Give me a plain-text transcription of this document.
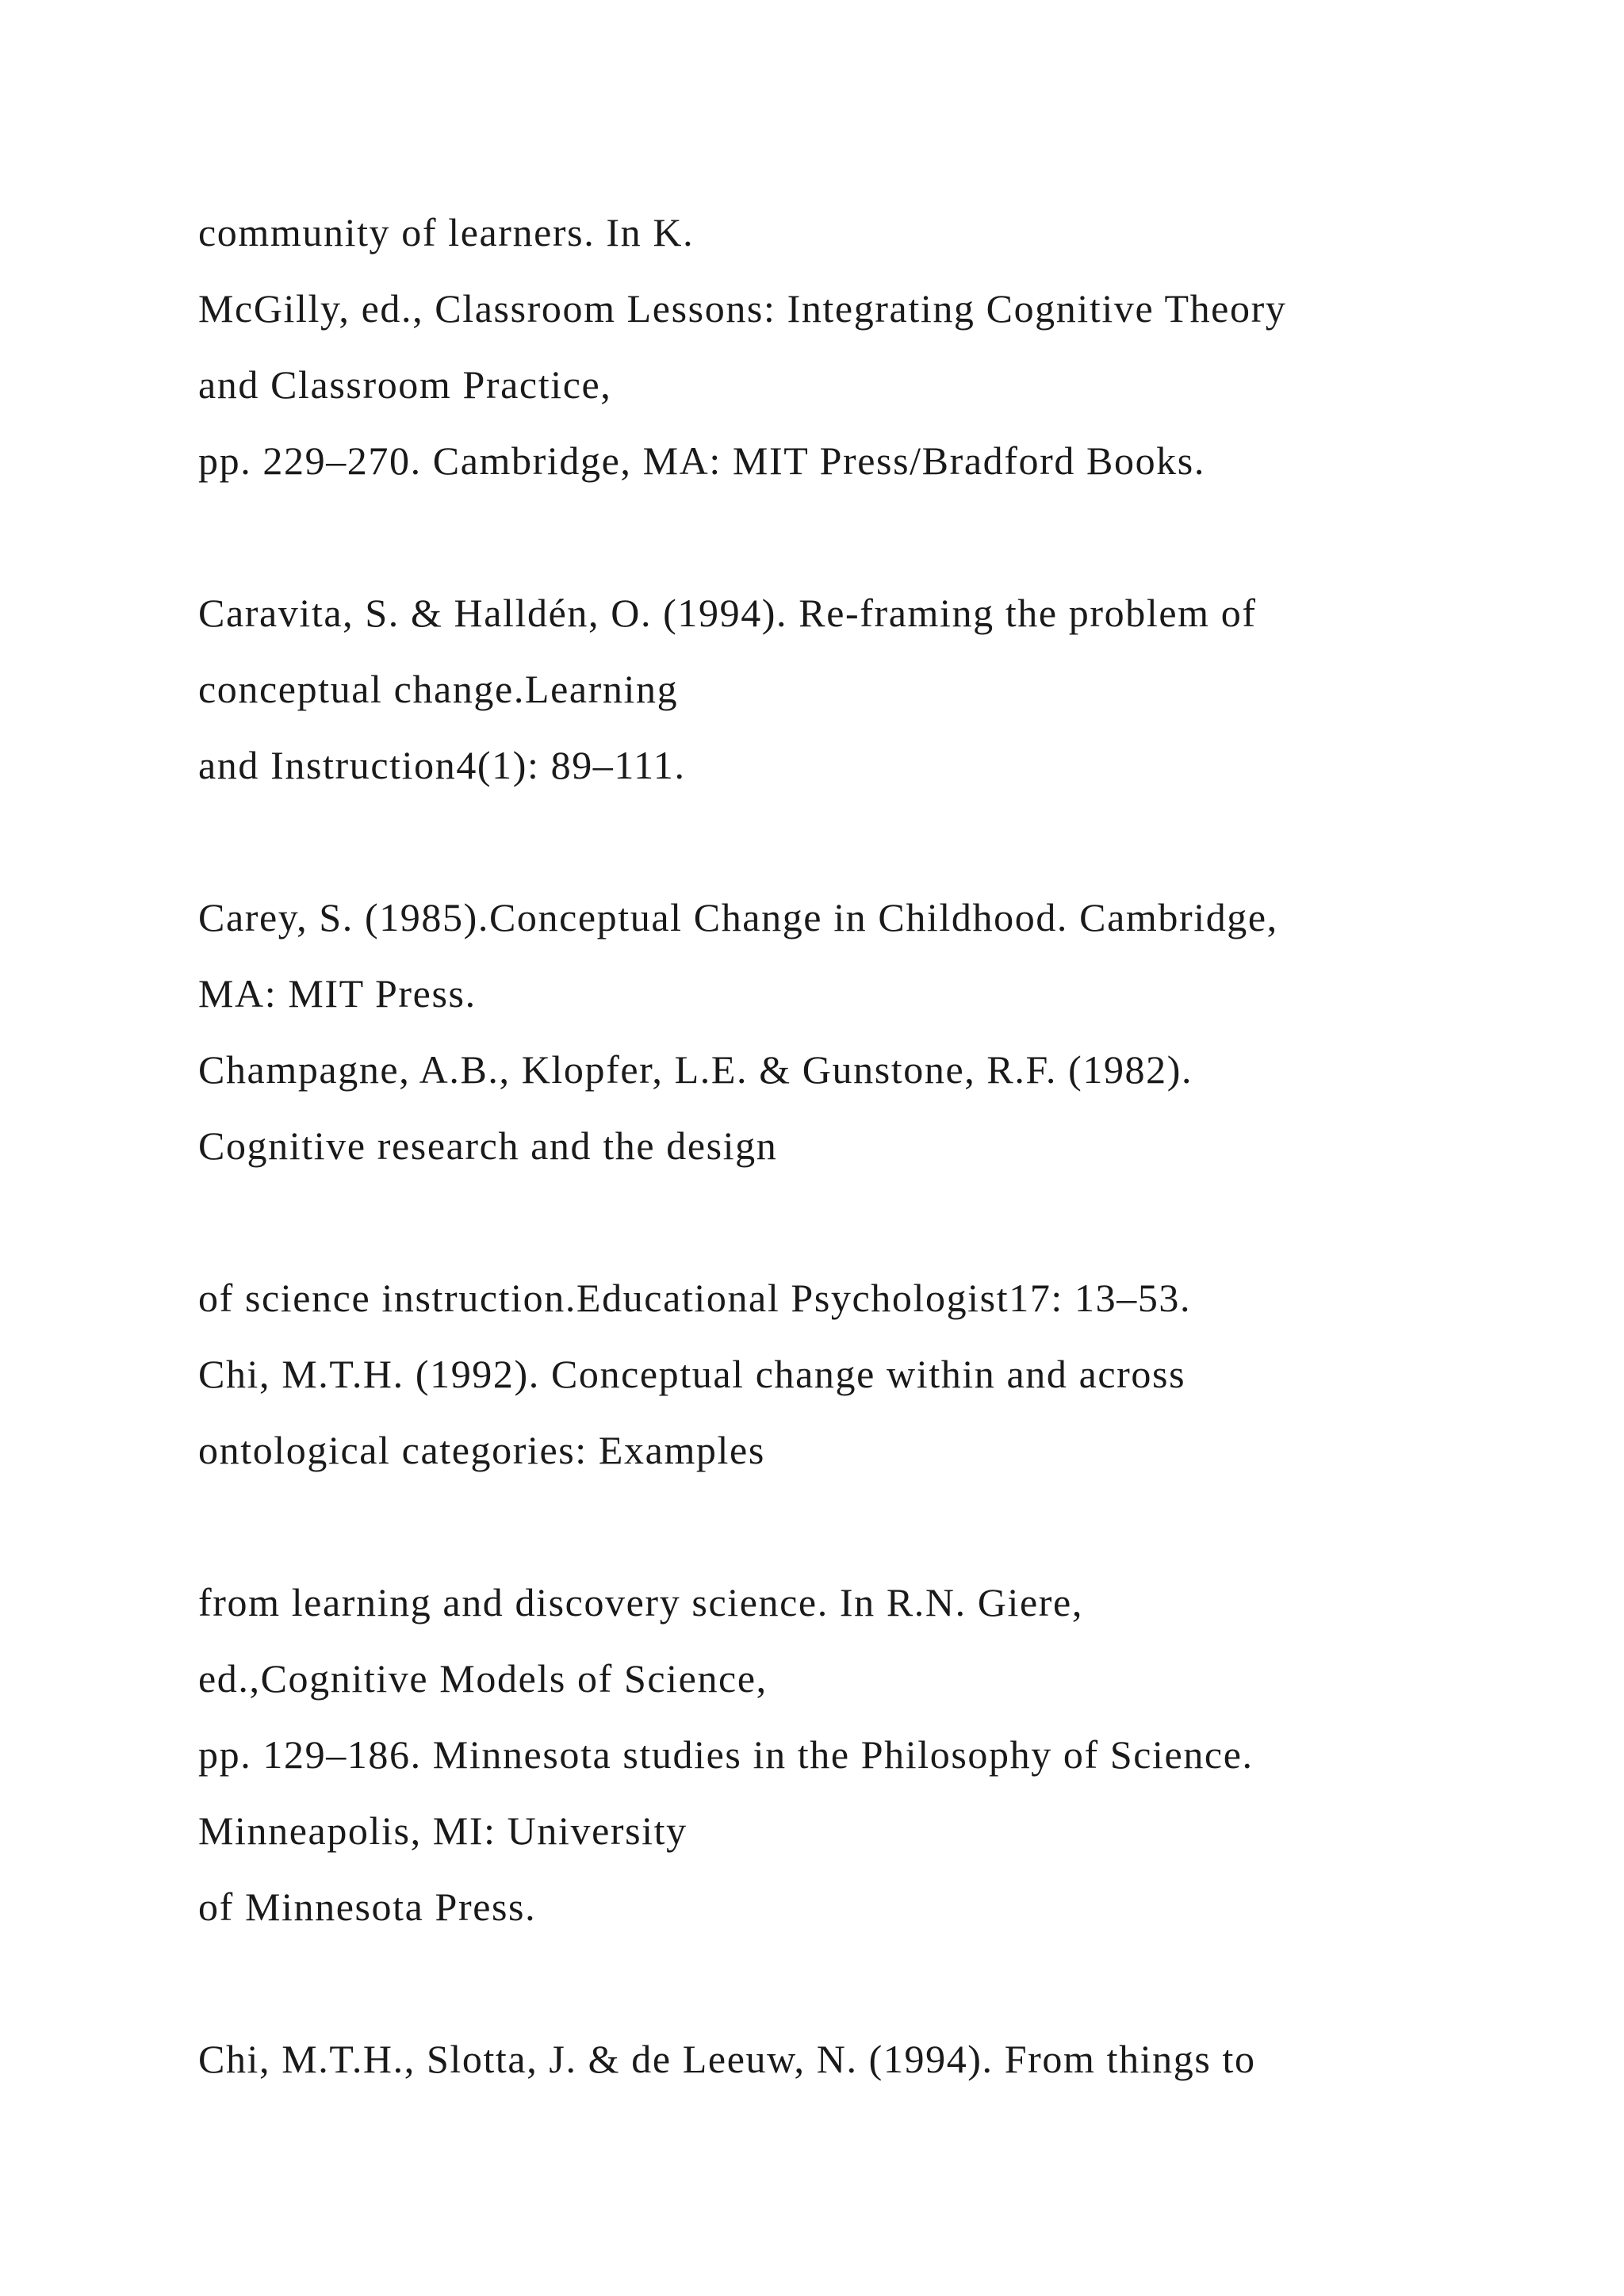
community of learners. In K.
McGilly, ed., Classroom Lessons: Integrating Cognitive Theory
and Classroom Practice,
pp. 229–270. Cambridge, MA: MIT Press/Bradford Books.
Caravita, S. & Halldén, O. (1994). Re-framing the problem of
conceptual change.Learning
and Instruction4(1): 89–111.
Carey, S. (1985).Conceptual Change in Childhood. Cambridge,
MA: MIT Press.
Champagne, A.B., Klopfer, L.E. & Gunstone, R.F. (1982).
Cognitive research and the design
of science instruction.Educational Psychologist17: 13–53.
Chi, M.T.H. (1992). Conceptual change within and across
ontological categories: Examples
from learning and discovery science. In R.N. Giere,
ed.,Cognitive Models of Science,
pp. 129–186. Minnesota studies in the Philosophy of Science.
Minneapolis, MI: University
of Minnesota Press.
Chi, M.T.H., Slotta, J. & de Leeuw, N. (1994). From things to
